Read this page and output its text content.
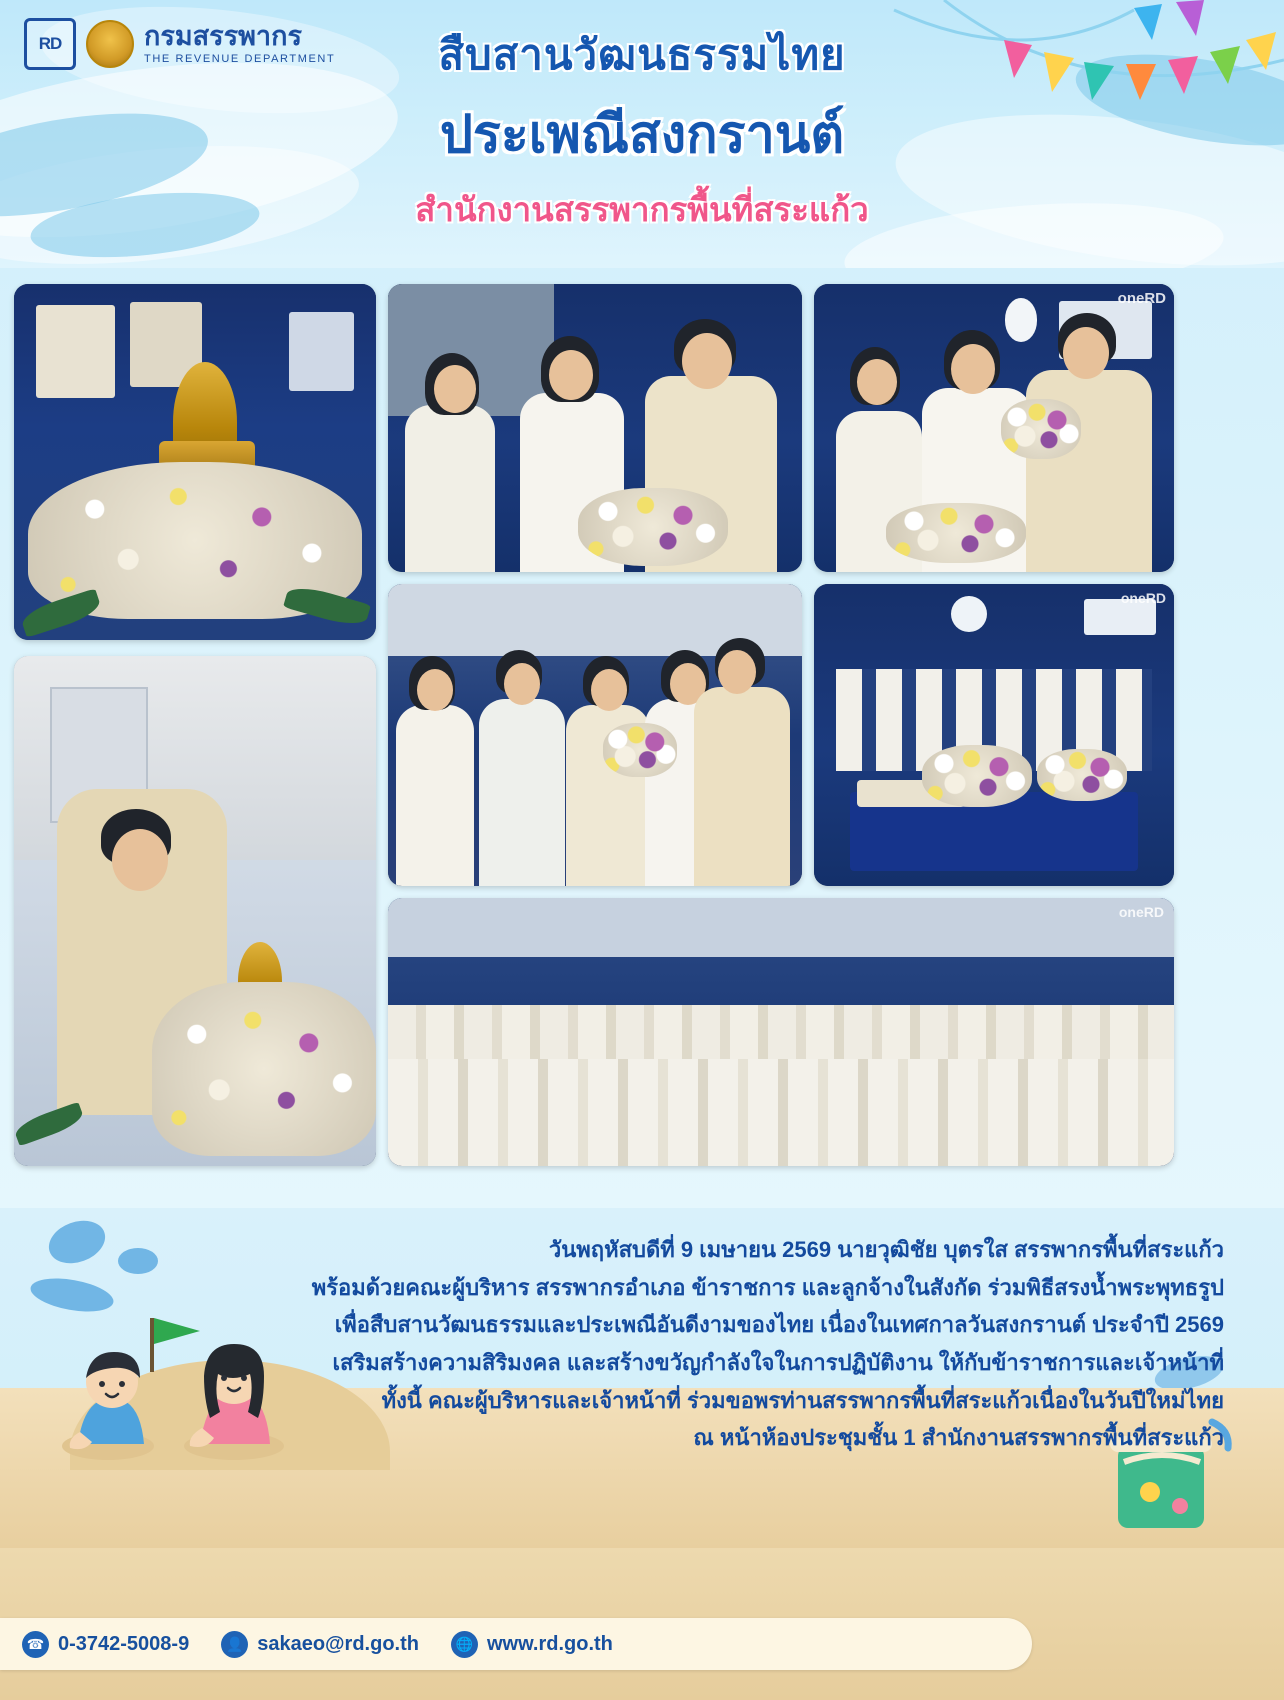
RD	กรมสรรพากร
THE REVENUE DEPARTMENT	สืบสานวัฒนธรรมไทย
ประเพณีสงกรานต์
สำนักงานสรรพากรพื้นที่สระแก้ว
oneRD
oneRD
oneRD

วันพฤหัสบดีที่ 9 เมษายน 2569 นายวุฒิชัย บุตรใส สรรพากรพื้นที่สระแก้ว

พร้อมด้วยคณะผู้บริหาร สรรพากรอำเภอ ข้าราชการ และลูกจ้างในสังกัด ร่วมพิธีสรงน้ำพระพุทธรูป

เพื่อสืบสานวัฒนธรรมและประเพณีอันดีงามของไทย เนื่องในเทศกาลวันสงกรานต์ ประจำปี 2569

เสริมสร้างความสิริมงคล และสร้างขวัญกำลังใจในการปฏิบัติงาน ให้กับข้าราชการและเจ้าหน้าที่

ทั้งนี้ คณะผู้บริหารและเจ้าหน้าที่ ร่วมขอพรท่านสรรพากรพื้นที่สระแก้วเนื่องในวันปีใหม่ไทย

ณ หน้าห้องประชุมชั้น 1 สำนักงานสรรพากรพื้นที่สระแก้ว

☎ 0-3742-5008-9	👤 sakaeo@rd.go.th	🌐 www.rd.go.th
